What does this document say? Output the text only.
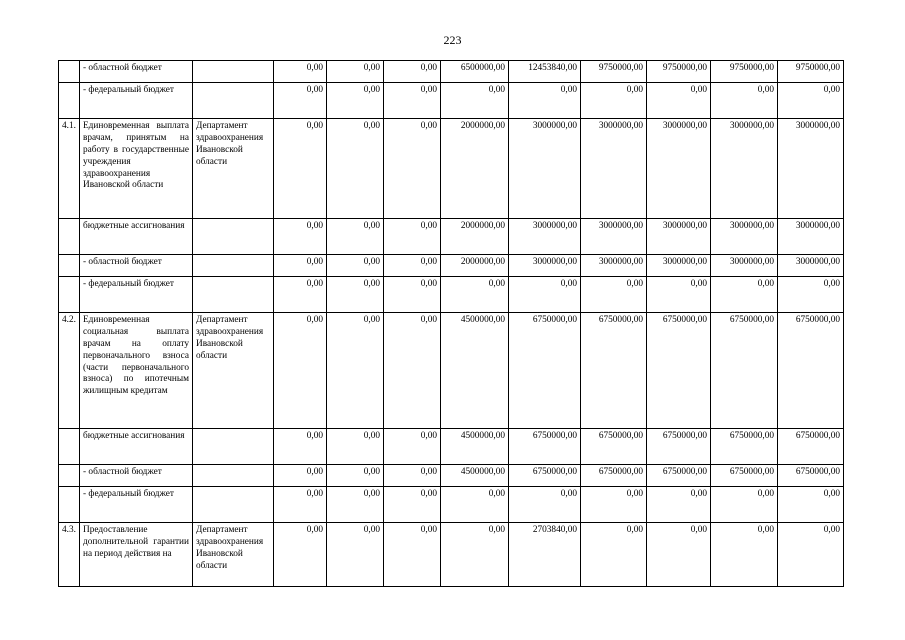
223
	- областной бюджет		0,00	0,00	0,00	6500000,00	12453840,00	9750000,00	9750000,00	9750000,00	9750000,00
	- федеральный бюджет		0,00	0,00	0,00	0,00	0,00	0,00	0,00	0,00	0,00
4.1.	Единовременная выплата врачам, принятым на работу в государственные учреждения здравоохранения Ивановской области	Департамент здравоохранения Ивановской области	0,00	0,00	0,00	2000000,00	3000000,00	3000000,00	3000000,00	3000000,00	3000000,00
	бюджетные ассигнования		0,00	0,00	0,00	2000000,00	3000000,00	3000000,00	3000000,00	3000000,00	3000000,00
	- областной бюджет		0,00	0,00	0,00	2000000,00	3000000,00	3000000,00	3000000,00	3000000,00	3000000,00
	- федеральный бюджет		0,00	0,00	0,00	0,00	0,00	0,00	0,00	0,00	0,00
4.2.	Единовременная социальная выплата врачам на оплату первоначального взноса (части первоначального взноса) по ипотечным жилищным кредитам	Департамент здравоохранения Ивановской области	0,00	0,00	0,00	4500000,00	6750000,00	6750000,00	6750000,00	6750000,00	6750000,00
	бюджетные ассигнования		0,00	0,00	0,00	4500000,00	6750000,00	6750000,00	6750000,00	6750000,00	6750000,00
	- областной бюджет		0,00	0,00	0,00	4500000,00	6750000,00	6750000,00	6750000,00	6750000,00	6750000,00
	- федеральный бюджет		0,00	0,00	0,00	0,00	0,00	0,00	0,00	0,00	0,00
4.3.	Предоставление дополнительной гарантии на период действия на	Департамент здравоохранения Ивановской области	0,00	0,00	0,00	0,00	2703840,00	0,00	0,00	0,00	0,00
